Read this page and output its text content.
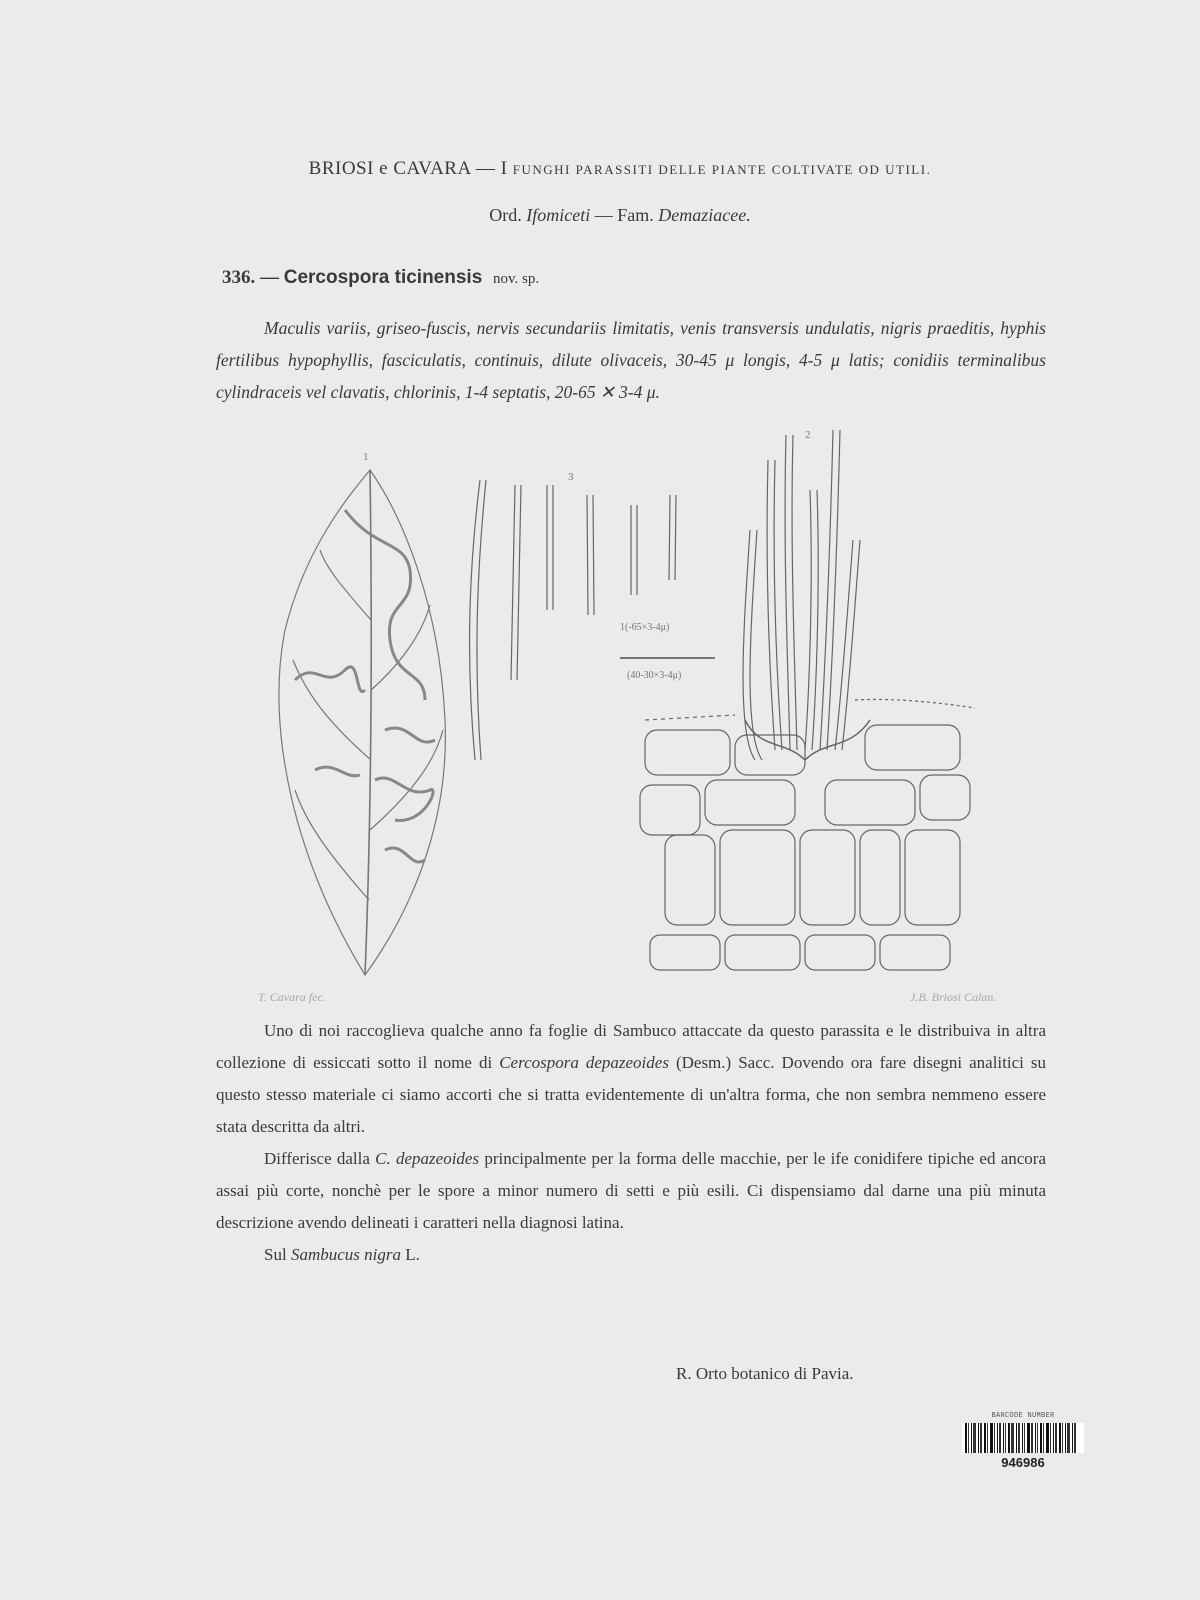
BRIOSI e CAVARA — I FUNGHI PARASSITI DELLE PIANTE COLTIVATE OD UTILI.
Ord. Ifomiceti — Fam. Demaziacee.
336. — Cercospora ticinensis nov. sp.
Maculis variis, griseo-fuscis, nervis secundariis limitatis, venis transversis undulatis, nigris praeditis, hyphis fertilibus hypophyllis, fasciculatis, continuis, dilute olivaceis, 30-45 μ longis, 4-5 μ latis; conidiis terminalibus cylindraceis vel clavatis, chlorinis, 1-4 septatis, 20-65 ✕ 3-4 μ.
1
3
2
1(-65×3-4μ)
(40-30×3-4μ)
T. Cavara fec.	J.B. Briosi Calan.

Uno di noi raccoglieva qualche anno fa foglie di Sambuco attaccate da questo parassita e le distribuiva in altra collezione di essiccati sotto il nome di Cercospora depazeoides (Desm.) Sacc. Dovendo ora fare disegni analitici su questo stesso materiale ci siamo accorti che si tratta evidentemente di un'altra forma, che non sembra nemmeno essere stata descritta da altri.

Differisce dalla C. depazeoides principalmente per la forma delle macchie, per le ife conidifere tipiche ed ancora assai più corte, nonchè per le spore a minor numero di setti e più esili. Ci dispensiamo dal darne una più minuta descrizione avendo delineati i caratteri nella diagnosi latina.

Sul Sambucus nigra L.

R. Orto botanico di Pavia.
BARCODE NUMBER
946986
